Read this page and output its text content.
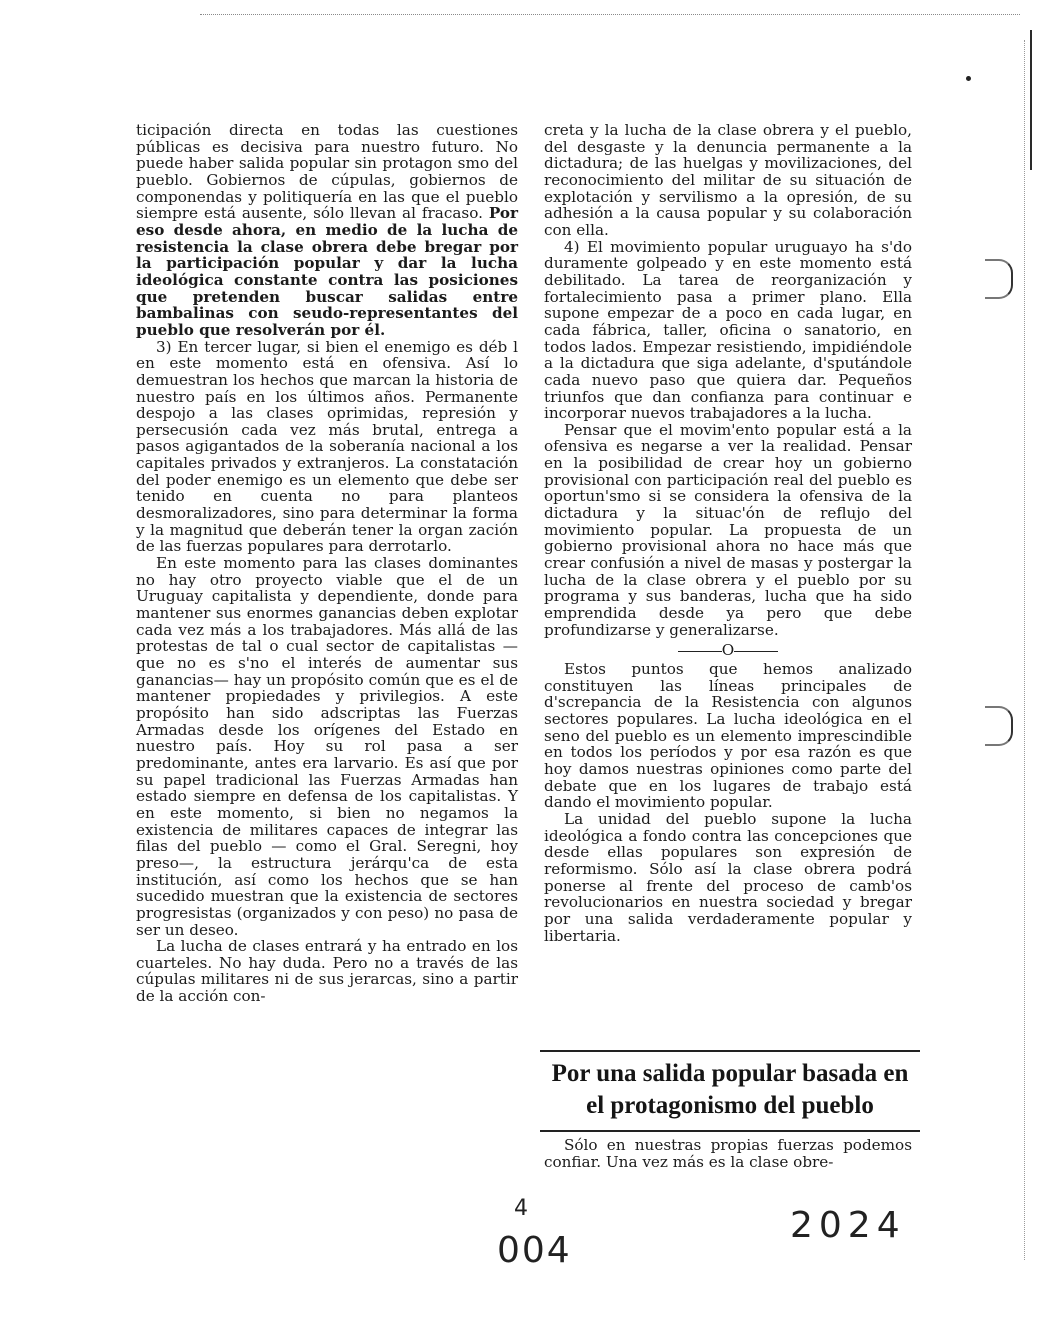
ticipación directa en todas las cuestiones públicas es decisiva para nuestro futuro. No puede haber salida popular sin protagon smo del pueblo. Gobiernos de cúpulas, gobiernos de componendas y politiquería en las que el pueblo siempre está ausente, sólo llevan al fracaso. Por eso desde ahora, en medio de la lucha de resistencia la clase obrera debe bregar por la participación popular y dar la lucha ideológica constante contra las posiciones que pretenden buscar salidas entre bambalinas con seudo-representantes del pueblo que resolverán por él.

3) En tercer lugar, si bien el enemigo es déb l en este momento está en ofensiva. Así lo demuestran los hechos que marcan la historia de nuestro país en los últimos años. Permanente despojo a las clases oprimidas, represión y persecusión cada vez más brutal, entrega a pasos agigantados de la soberanía nacional a los capitales privados y extranjeros. La constatación del poder enemigo es un elemento que debe ser tenido en cuenta no para planteos desmoralizadores, sino para determinar la forma y la magnitud que deberán tener la organ zación de las fuerzas populares para derrotarlo.

En este momento para las clases dominantes no hay otro proyecto viable que el de un Uruguay capitalista y dependiente, donde para mantener sus enormes ganancias deben explotar cada vez más a los trabajadores. Más allá de las protestas de tal o cual sector de capitalistas —que no es s'no el interés de aumentar sus ganancias— hay un propósito común que es el de mantener propiedades y privilegios. A este propósito han sido adscriptas las Fuerzas Armadas desde los orígenes del Estado en nuestro país. Hoy su rol pasa a ser predominante, antes era larvario. Es así que por su papel tradicional las Fuerzas Armadas han estado siempre en defensa de los capitalistas. Y en este momento, si bien no negamos la existencia de militares capaces de integrar las filas del pueblo — como el Gral. Seregni, hoy preso—, la estructura jerárqu'ca de esta institución, así como los hechos que se han sucedido muestran que la existencia de sectores progresistas (organizados y con peso) no pasa de ser un deseo.

La lucha de clases entrará y ha entrado en los cuarteles. No hay duda. Pero no a través de las cúpulas militares ni de sus jerarcas, sino a partir de la acción con-

creta y la lucha de la clase obrera y el pueblo, del desgaste y la denuncia permanente a la dictadura; de las huelgas y movilizaciones, del reconocimiento del militar de su situación de explotación y servilismo a la opresión, de su adhesión a la causa popular y su colaboración con ella.

4) El movimiento popular uruguayo ha s'do duramente golpeado y en este momento está debilitado. La tarea de reorganización y fortalecimiento pasa a primer plano. Ella supone empezar de a poco en cada lugar, en cada fábrica, taller, oficina o sanatorio, en todos lados. Empezar resistiendo, impidiéndole a la dictadura que siga adelante, d'sputándole cada nuevo paso que quiera dar. Pequeños triunfos que dan confianza para continuar e incorporar nuevos trabajadores a la lucha.

Pensar que el movim'ento popular está a la ofensiva es negarse a ver la realidad. Pensar en la posibilidad de crear hoy un gobierno provisional con participación real del pueblo es oportun'smo si se considera la ofensiva de la dictadura y la situac'ón de reflujo del movimiento popular. La propuesta de un gobierno provisional ahora no hace más que crear confusión a nivel de masas y postergar la lucha de la clase obrera y el pueblo por su programa y sus banderas, lucha que ha sido emprendida desde ya pero que debe profundizarse y generalizarse.

O

Estos puntos que hemos analizado constituyen las líneas principales de d'screpancia de la Resistencia con algunos sectores populares. La lucha ideológica en el seno del pueblo es un elemento imprescindible en todos los períodos y por esa razón es que hoy damos nuestras opiniones como parte del debate que en los lugares de trabajo está dando el movimiento popular.

La unidad del pueblo supone la lucha ideológica a fondo contra las concepciones que desde ellas populares son expresión de reformismo. Sólo así la clase obrera podrá ponerse al frente del proceso de camb'os revolucionarios en nuestra sociedad y bregar por una salida verdaderamente popular y libertaria.

Por una salida popular basada en el protagonismo del pueblo

Sólo en nuestras propias fuerzas podemos confiar. Una vez más es la clase obre-

4
004
2024
